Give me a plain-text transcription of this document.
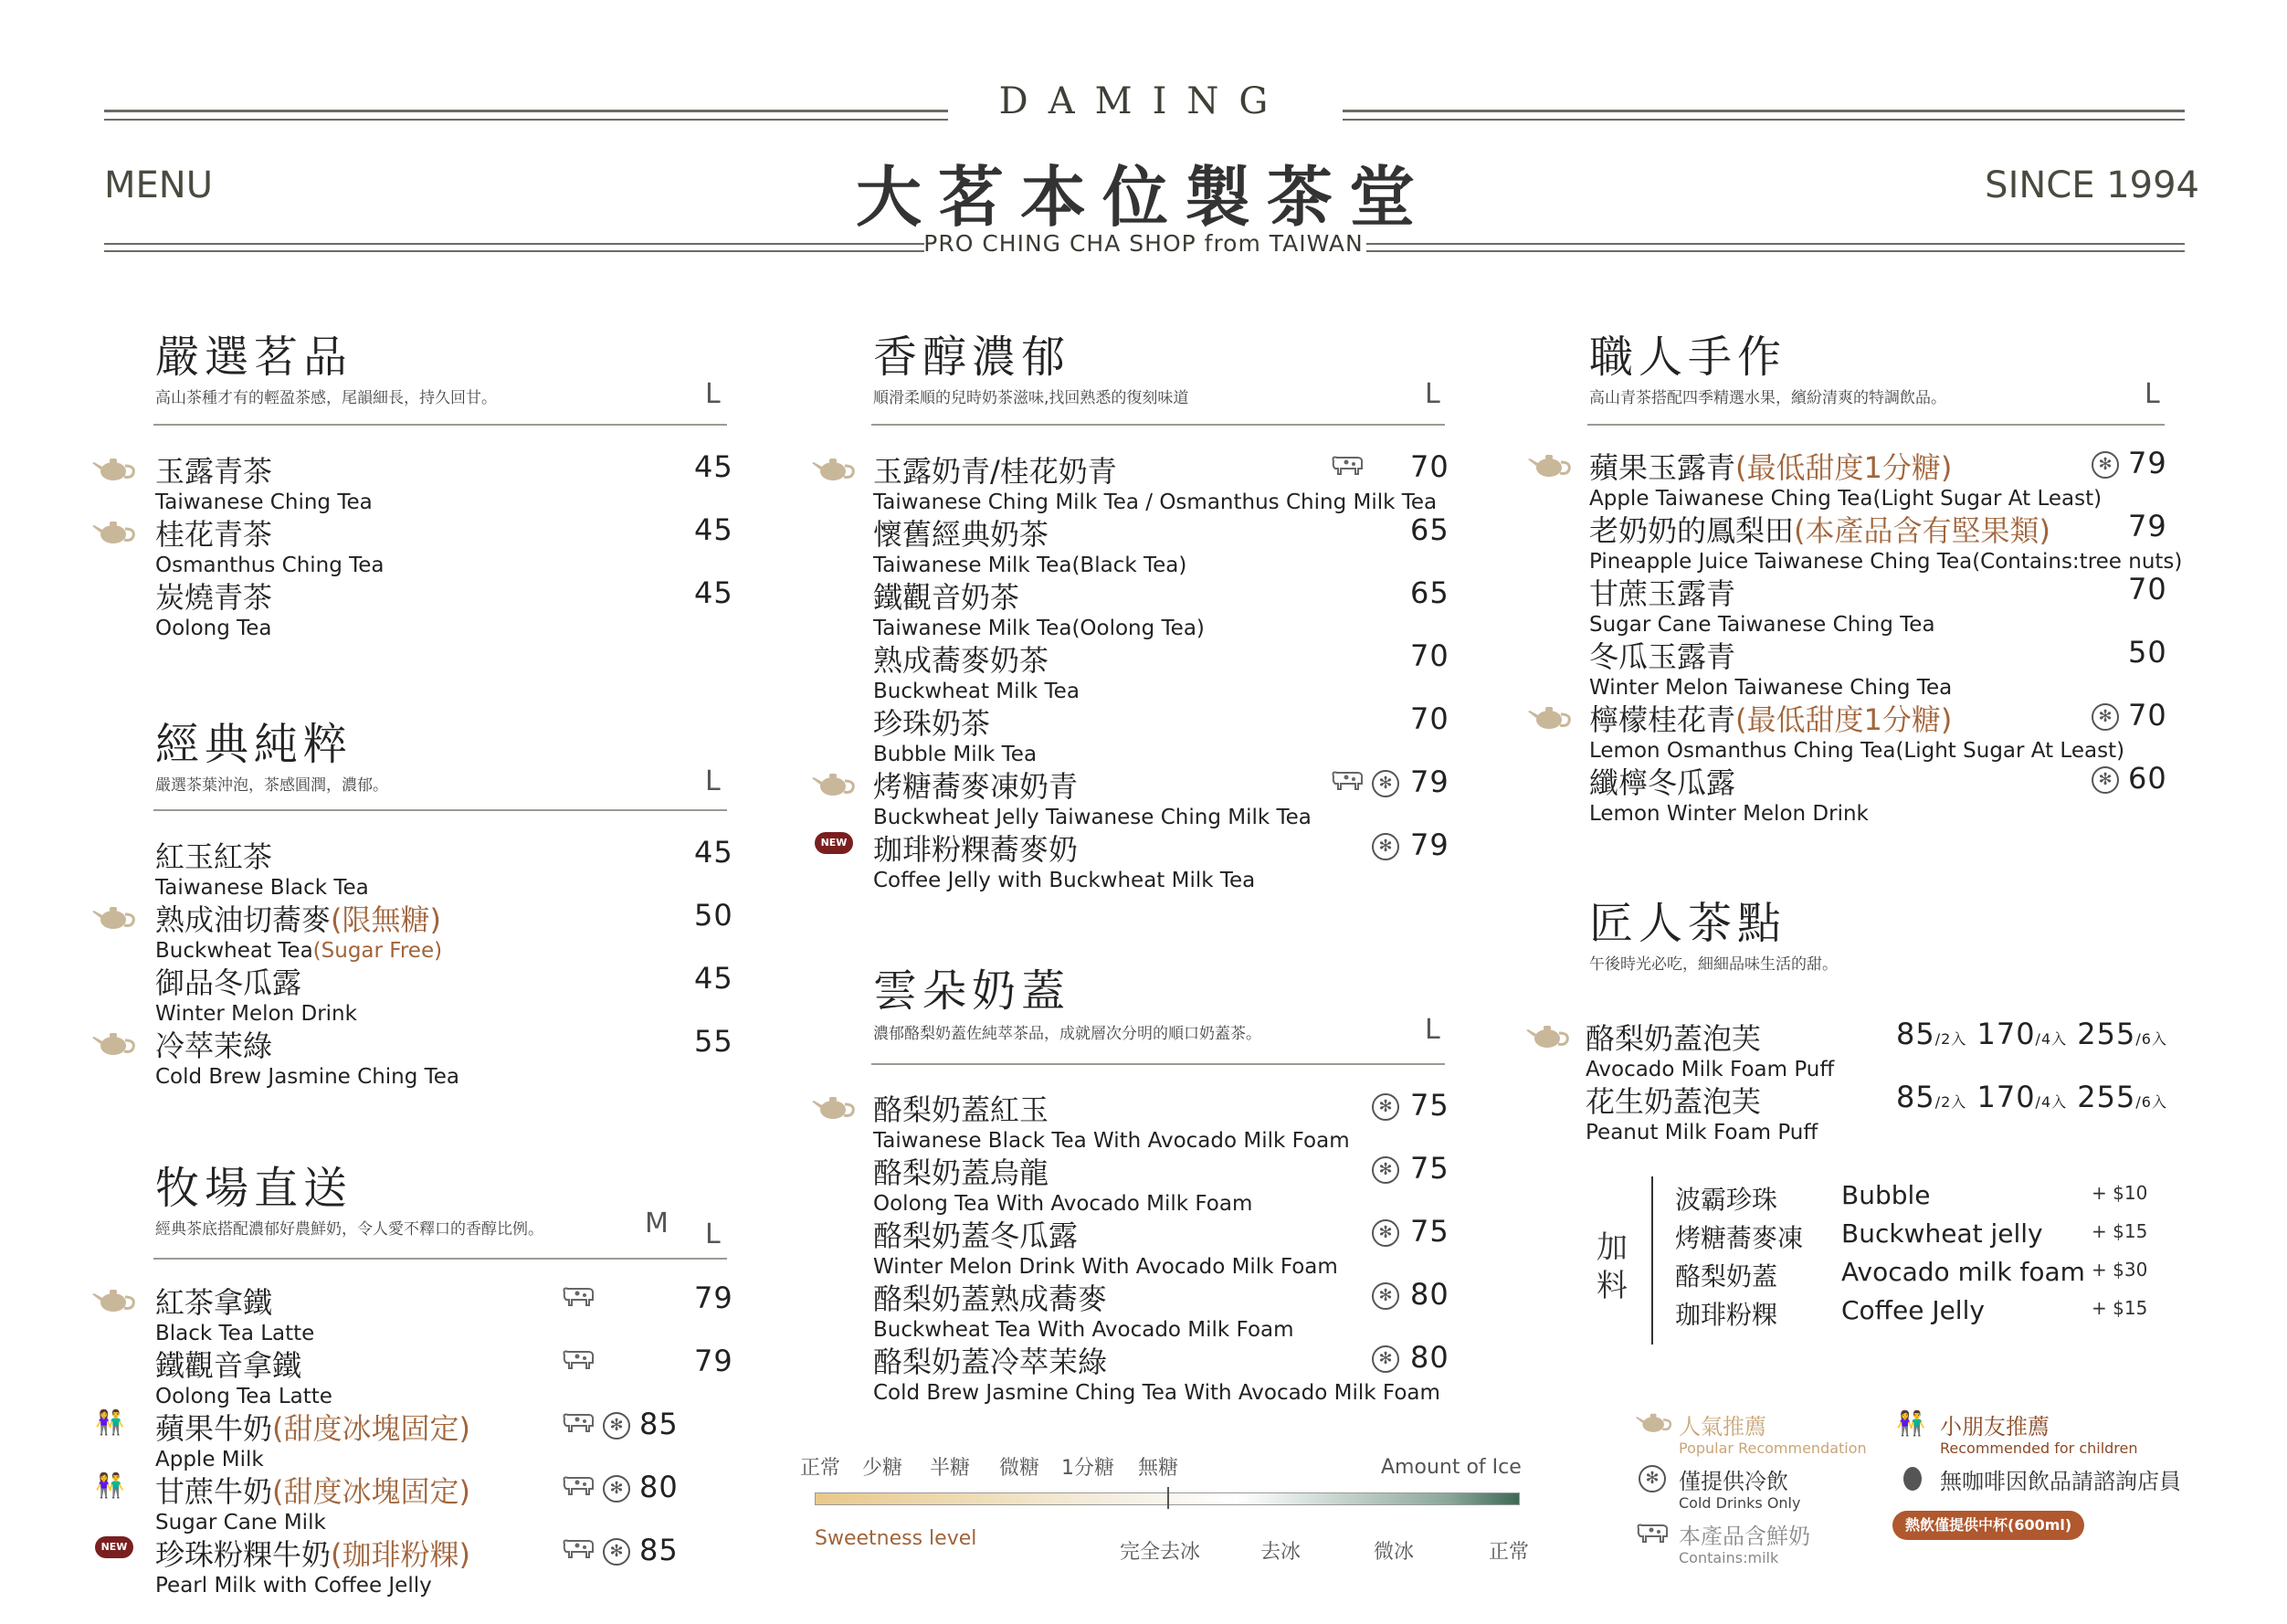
DAMING
大茗本位製茶堂
PRO CHING CHA SHOP from TAIWAN
MENU	SINCE 1994
嚴選茗品
高山茶種才有的輕盈茶感，尾韻細長，持久回甘。	L
玉露青茶
Taiwanese Ching Tea
45
桂花青茶
Osmanthus Ching Tea
45
炭燒青茶
Oolong Tea
45
經典純粹
嚴選茶葉沖泡，茶感圓潤，濃郁。	L
紅玉紅茶
Taiwanese Black Tea
45
熟成油切蕎麥(限無糖)
Buckwheat Tea(Sugar Free)
50
御品冬瓜露
Winter Melon Drink
45
冷萃茉綠
Cold Brew Jasmine Ching Tea
55
牧場直送
經典茶底搭配濃郁好農鮮奶，令人愛不釋口的香醇比例。	M L
紅茶拿鐵
Black Tea Latte
79
鐵觀音拿鐵
Oolong Tea Latte
79
👫 蘋果牛奶(甜度冰塊固定)
Apple Milk
✻ 85
👫 甘蔗牛奶(甜度冰塊固定)
Sugar Cane Milk
✻ 80
NEW 珍珠粉粿牛奶(珈琲粉粿)
Pearl Milk with Coffee Jelly
✻ 85
香醇濃郁
順滑柔順的兒時奶茶滋味,找回熟悉的復刻味道	L
玉露奶青/桂花奶青
Taiwanese Ching Milk Tea / Osmanthus Ching Milk Tea
70
懷舊經典奶茶
Taiwanese Milk Tea(Black Tea)
65
鐵觀音奶茶
Taiwanese Milk Tea(Oolong Tea)
65
熟成蕎麥奶茶
Buckwheat Milk Tea
70
珍珠奶茶
Bubble Milk Tea
70
烤糖蕎麥凍奶青
Buckwheat Jelly Taiwanese Ching Milk Tea
✻ 79
NEW 珈琲粉粿蕎麥奶
Coffee Jelly with Buckwheat Milk Tea
✻ 79
雲朵奶蓋
濃郁酪梨奶蓋佐純萃茶品，成就層次分明的順口奶蓋茶。	L
酪梨奶蓋紅玉
Taiwanese Black Tea With Avocado Milk Foam
✻ 75
酪梨奶蓋烏龍
Oolong Tea With Avocado Milk Foam
✻ 75
酪梨奶蓋冬瓜露
Winter Melon Drink With Avocado Milk Foam
✻ 75
酪梨奶蓋熟成蕎麥
Buckwheat Tea With Avocado Milk Foam
✻ 80
酪梨奶蓋冷萃茉綠
Cold Brew Jasmine Ching Tea With Avocado Milk Foam
✻ 80
正常 少糖 半糖 微糖 1分糖 無糖	Amount of Ice
Sweetness level
完全去冰	去冰	微冰	正常
職人手作
高山青茶搭配四季精選水果，繽紛清爽的特調飲品。	L
蘋果玉露青(最低甜度1分糖)
Apple Taiwanese Ching Tea(Light Sugar At Least)
✻ 79
老奶奶的鳳梨田(本產品含有堅果類)
Pineapple Juice Taiwanese Ching Tea(Contains:tree nuts)
79
甘蔗玉露青
Sugar Cane Taiwanese Ching Tea
70
冬瓜玉露青
Winter Melon Taiwanese Ching Tea
50
檸檬桂花青(最低甜度1分糖)
Lemon Osmanthus Ching Tea(Light Sugar At Least)
✻ 70
纖檸冬瓜露
Lemon Winter Melon Drink
✻ 60
匠人茶點
午後時光必吃，細細品味生活的甜。
酪梨奶蓋泡芙
Avocado Milk Foam Puff
85/2入 170/4入 255/6入
花生奶蓋泡芙
Peanut Milk Foam Puff
85/2入 170/4入 255/6入
加
料
波霸珍珠 Bubble	+ $10
烤糖蕎麥凍 Buckwheat jelly	+ $15
酪梨奶蓋 Avocado milk foam + $30
珈琲粉粿 Coffee Jelly	+ $15
人氣推薦
Popular Recommendation
👫 小朋友推薦
Recommended for children
✻ 僅提供冷飲
Cold Drinks Only
無咖啡因飲品請諮詢店員
本產品含鮮奶
Contains:milk
熱飲僅提供中杯(600ml)
